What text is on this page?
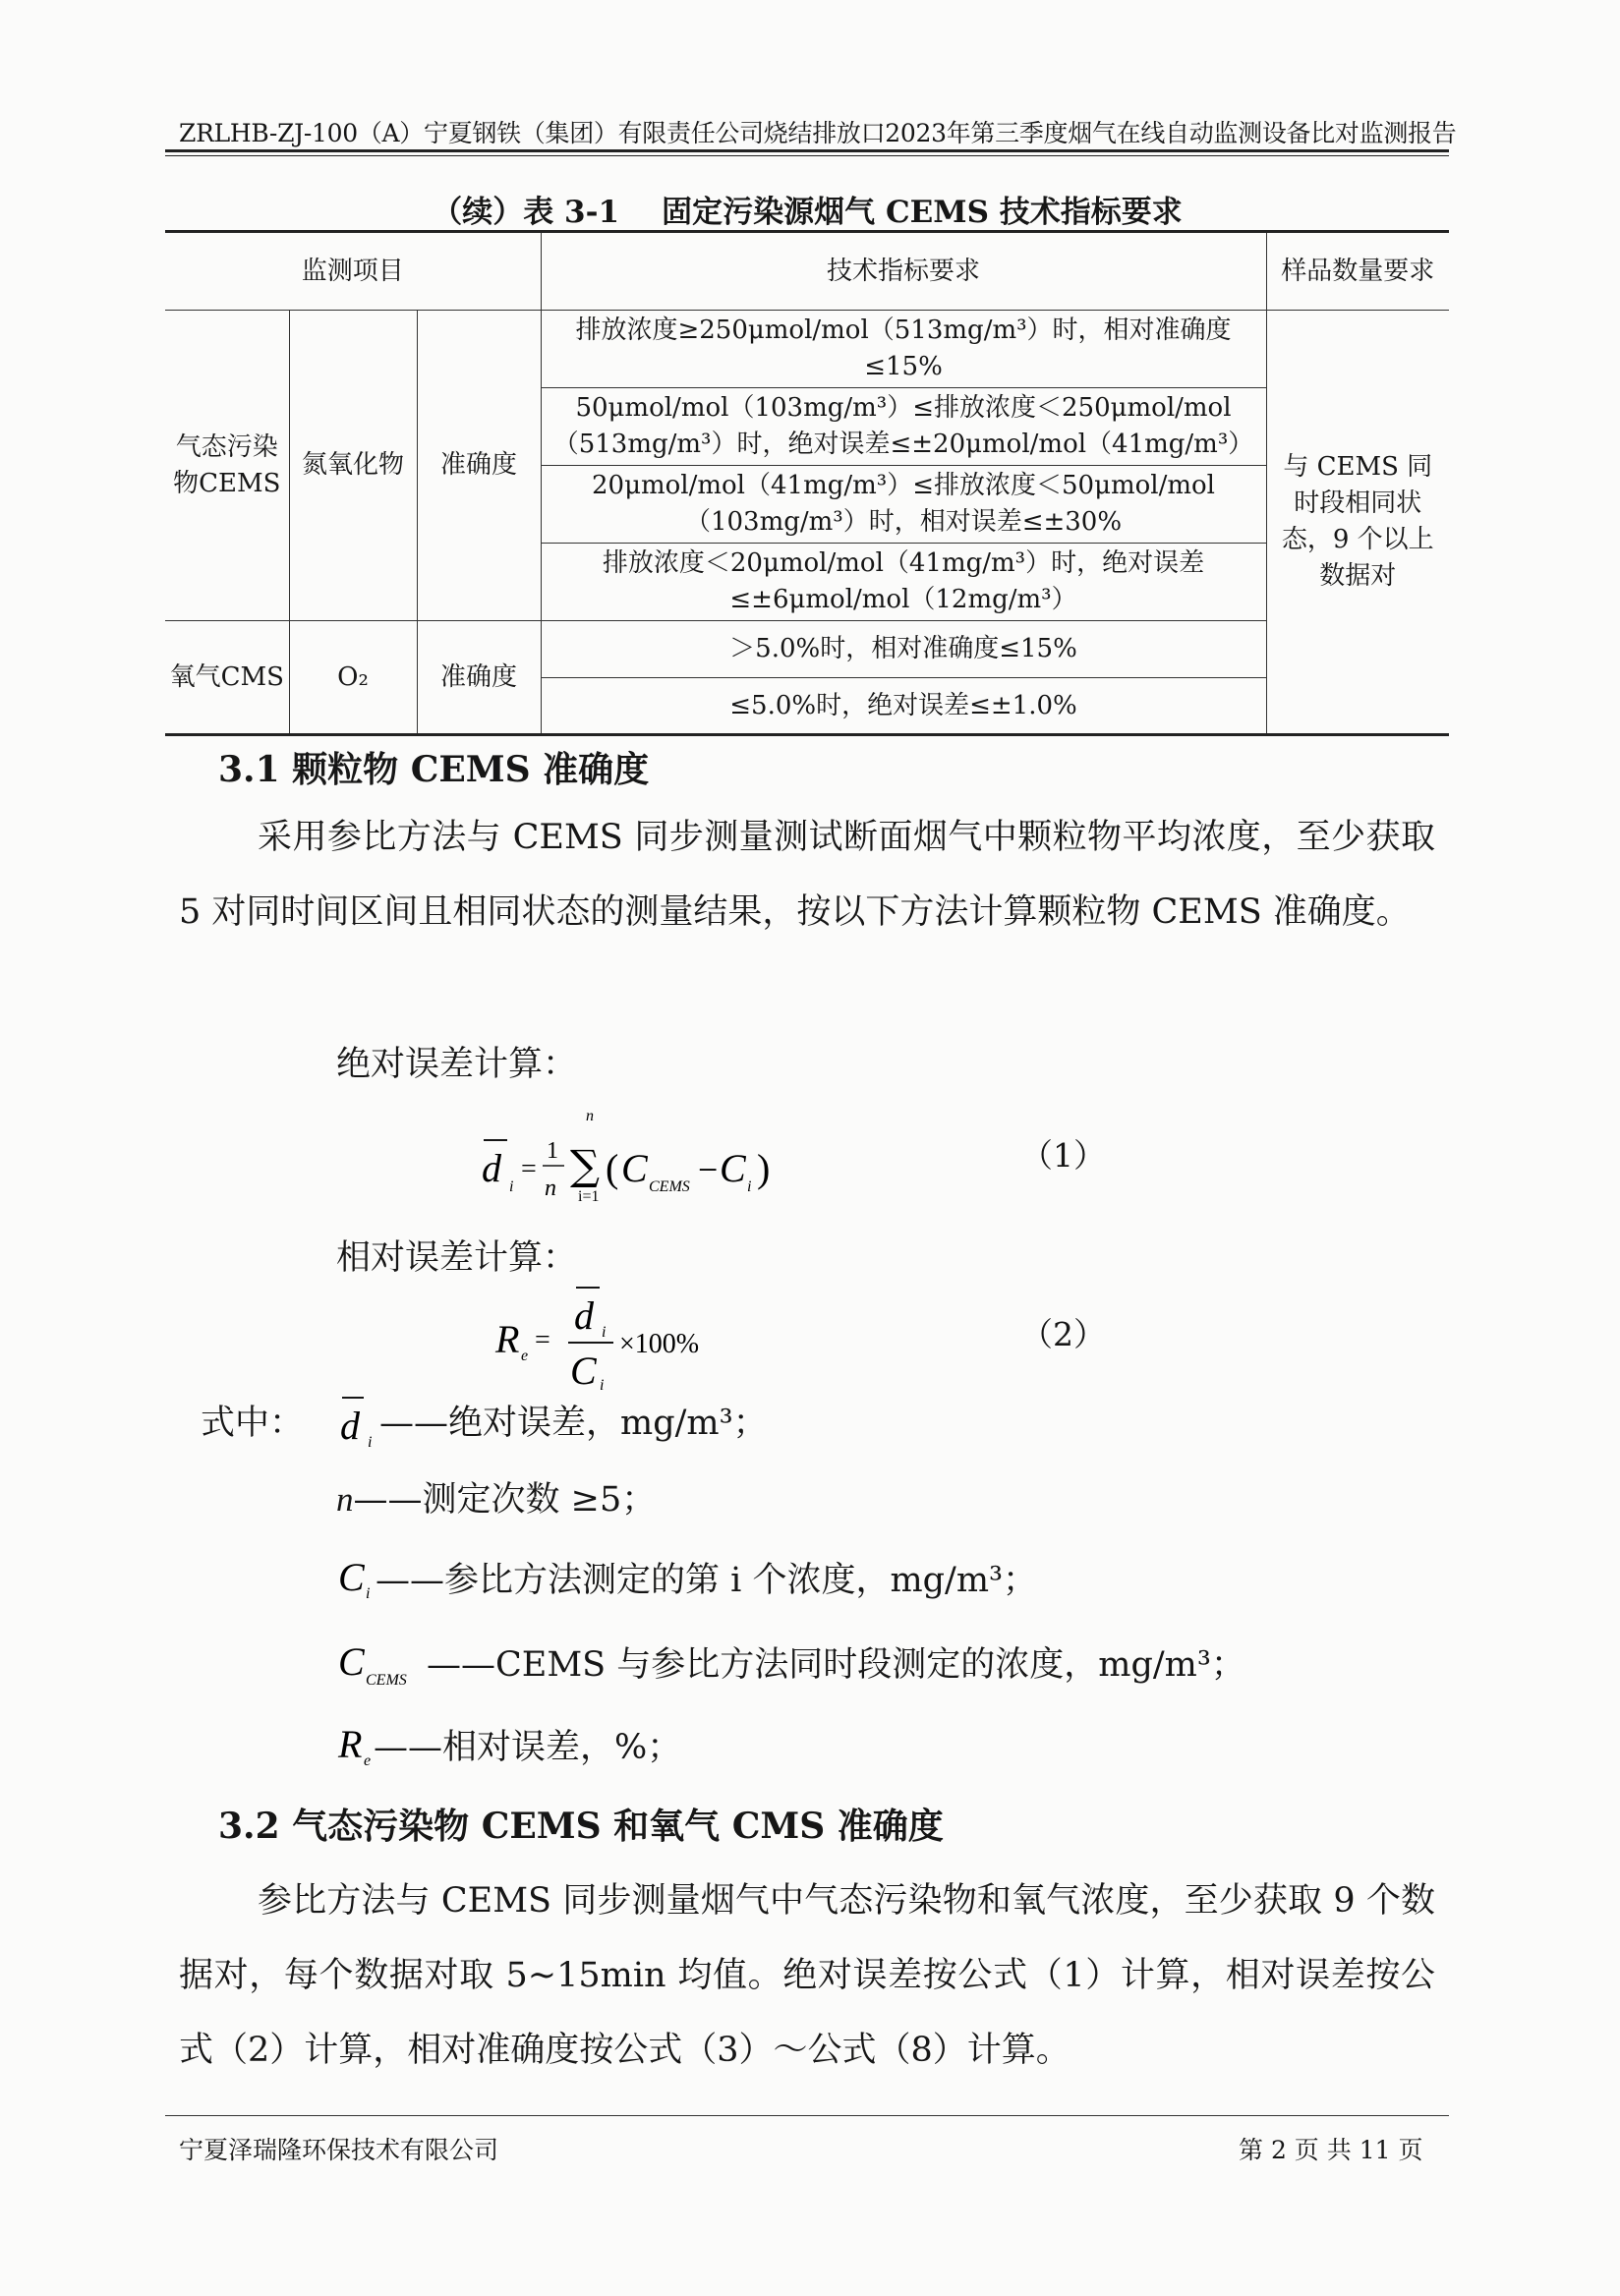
ZRLHB-ZJ-100（A）宁夏钢铁（集团）有限责任公司烧结排放口2023年第三季度烟气在线自动监测设备比对监测报告
（续）表 3-1    固定污染源烟气 CEMS 技术指标要求
监测项目			技术指标要求	样品数量要求
气态污染物CEMS	氮氧化物	准确度	排放浓度≥250μmol/mol（513mg/m³）时，相对准确度≤15%	与 CEMS 同时段相同状态，9 个以上数据对
			50μmol/mol（103mg/m³）≤排放浓度＜250μmol/mol（513mg/m³）时，绝对误差≤±20μmol/mol（41mg/m³）	
			20μmol/mol（41mg/m³）≤排放浓度＜50μmol/mol（103mg/m³）时，相对误差≤±30%	
			排放浓度＜20μmol/mol（41mg/m³）时，绝对误差≤±6μmol/mol（12mg/m³）	
氧气CMS	O₂	准确度	＞5.0%时，相对准确度≤15%	
			≤5.0%时，绝对误差≤±1.0%	
3.1 颗粒物 CEMS 准确度
采用参比方法与 CEMS 同步测量测试断面烟气中颗粒物平均浓度，至少获取 5 对同时间区间且相同状态的测量结果，按以下方法计算颗粒物 CEMS 准确度。
绝对误差计算：
d i
=
1
n
n
∑
i=1
( C CEMS − C i )	（1）
相对误差计算：
R e
=
d i
C i
×100%	（2）
式中： d i ——绝对误差，mg/m³；
n——测定次数 ≥5；
C i ——参比方法测定的第 i 个浓度，mg/m³；
C CEMS ——CEMS 与参比方法同时段测定的浓度，mg/m³；
R e ——相对误差，%；
3.2 气态污染物 CEMS 和氧气 CMS 准确度
参比方法与 CEMS 同步测量烟气中气态污染物和氧气浓度，至少获取 9 个数据对，每个数据对取 5~15min 均值。绝对误差按公式（1）计算，相对误差按公式（2）计算，相对准确度按公式（3）～公式（8）计算。
宁夏泽瑞隆环保技术有限公司	第 2 页 共 11 页
